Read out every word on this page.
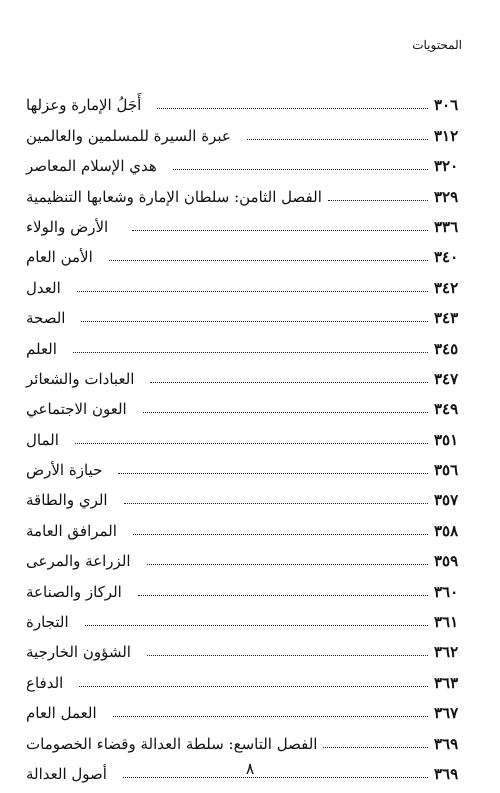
المحتويات
أَجَلُ الإمارة وعزلها	٣٠٦
عبرة السيرة للمسلمين والعالمين	٣١٢
هدي الإسلام المعاصر	٣٢٠
الفصل الثامن: سلطان الإمارة وشعابها التنظيمية	٣٢٩
الأرض والولاء	٣٣٦
الأمن العام	٣٤٠
العدل	٣٤٢
الصحة	٣٤٣
العلم	٣٤٥
العبادات والشعائر	٣٤٧
العون الاجتماعي	٣٤٩
المال	٣٥١
حيازة الأرض	٣٥٦
الري والطاقة	٣٥٧
المرافق العامة	٣٥٨
الزراعة والمرعى	٣٥٩
الركاز والصناعة	٣٦٠
التجارة	٣٦١
الشؤون الخارجية	٣٦٢
الدفاع	٣٦٣
العمل العام	٣٦٧
الفصل التاسع: سلطة العدالة وقضاء الخصومات	٣٦٩
أصول العدالة	٣٦٩
٨
